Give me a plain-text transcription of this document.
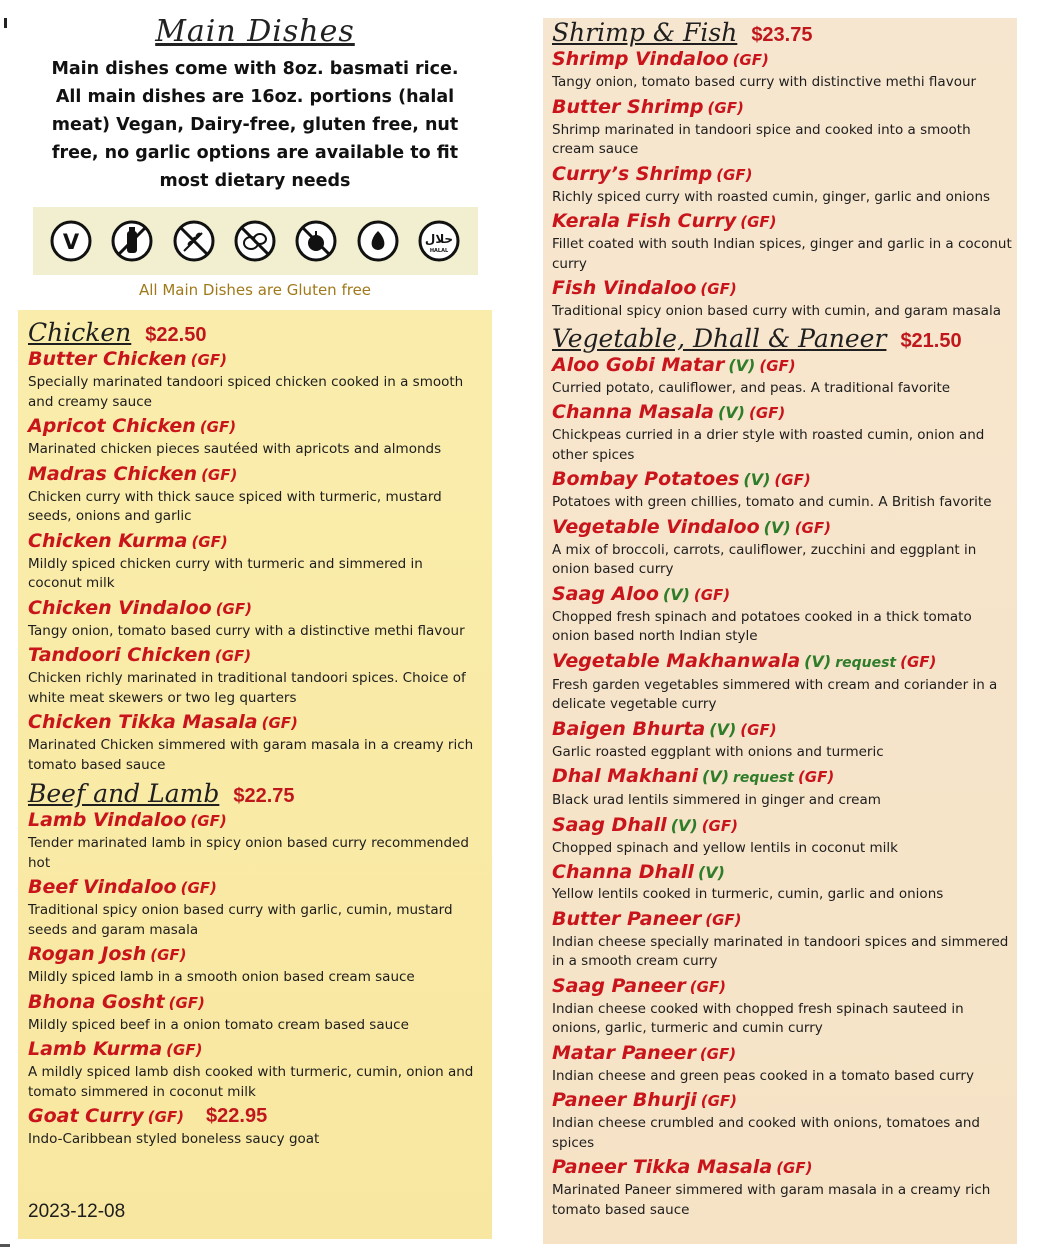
Main Dishes
Main dishes come with 8oz. basmati rice. All main dishes are 16oz. portions (halal meat) Vegan, Dairy-free, gluten free, nut free, no garlic options are available to fit most dietary needs
V	حلال
HALAL
All Main Dishes are Gluten free
Chicken $22.50
Butter Chicken (GF)
Specially marinated tandoori spiced chicken cooked in a smooth and creamy sauce
Apricot Chicken (GF)
Marinated chicken pieces sautéed with apricots and almonds
Madras Chicken (GF)
Chicken curry with thick sauce spiced with turmeric, mustard seeds, onions and garlic
Chicken Kurma (GF)
Mildly spiced chicken curry with turmeric and simmered in coconut milk
Chicken Vindaloo (GF)
Tangy onion, tomato based curry with a distinctive methi flavour
Tandoori Chicken (GF)
Chicken richly marinated in traditional tandoori spices. Choice of white meat skewers or two leg quarters
Chicken Tikka Masala (GF)
Marinated Chicken simmered with garam masala in a creamy rich tomato based sauce
Beef and Lamb $22.75
Lamb Vindaloo (GF)
Tender marinated lamb in spicy onion based curry recommended hot
Beef Vindaloo (GF)
Traditional spicy onion based curry with garlic, cumin, mustard seeds and garam masala
Rogan Josh (GF)
Mildly spiced lamb in a smooth onion based cream sauce
Bhona Gosht (GF)
Mildly spiced beef in a onion tomato cream based sauce
Lamb Kurma (GF)
A mildly spiced lamb dish cooked with turmeric, cumin, onion and tomato simmered in coconut milk
Goat Curry (GF) $22.95
Indo-Caribbean styled boneless saucy goat
2023-12-08
Shrimp & Fish $23.75
Shrimp Vindaloo (GF)
Tangy onion, tomato based curry with distinctive methi flavour
Butter Shrimp (GF)
Shrimp marinated in tandoori spice and cooked into a smooth cream sauce
Curry’s Shrimp (GF)
Richly spiced curry with roasted cumin, ginger, garlic and onions
Kerala Fish Curry (GF)
Fillet coated with south Indian spices, ginger and garlic in a coconut curry
Fish Vindaloo (GF)
Traditional spicy onion based curry with cumin, and garam masala
Vegetable, Dhall & Paneer $21.50
Aloo Gobi Matar (V) (GF)
Curried potato, cauliflower, and peas. A traditional favorite
Channa Masala (V) (GF)
Chickpeas curried in a drier style with roasted cumin, onion and other spices
Bombay Potatoes (V) (GF)
Potatoes with green chillies, tomato and cumin. A British favorite
Vegetable Vindaloo (V) (GF)
A mix of broccoli, carrots, cauliflower, zucchini and eggplant in onion based curry
Saag Aloo (V) (GF)
Chopped fresh spinach and potatoes cooked in a thick tomato onion based north Indian style
Vegetable Makhanwala (V) request (GF)
Fresh garden vegetables simmered with cream and coriander in a delicate vegetable curry
Baigen Bhurta (V) (GF)
Garlic roasted eggplant with onions and turmeric
Dhal Makhani (V) request (GF)
Black urad lentils simmered in ginger and cream
Saag Dhall (V) (GF)
Chopped spinach and yellow lentils in coconut milk
Channa Dhall (V)
Yellow lentils cooked in turmeric, cumin, garlic and onions
Butter Paneer (GF)
Indian cheese specially marinated in tandoori spices and simmered in a smooth cream curry
Saag Paneer (GF)
Indian cheese cooked with chopped fresh spinach sauteed in onions, garlic, turmeric and cumin curry
Matar Paneer (GF)
Indian cheese and green peas cooked in a tomato based curry
Paneer Bhurji (GF)
Indian cheese crumbled and cooked with onions, tomatoes and spices
Paneer Tikka Masala (GF)
Marinated Paneer simmered with garam masala in a creamy rich tomato based sauce
